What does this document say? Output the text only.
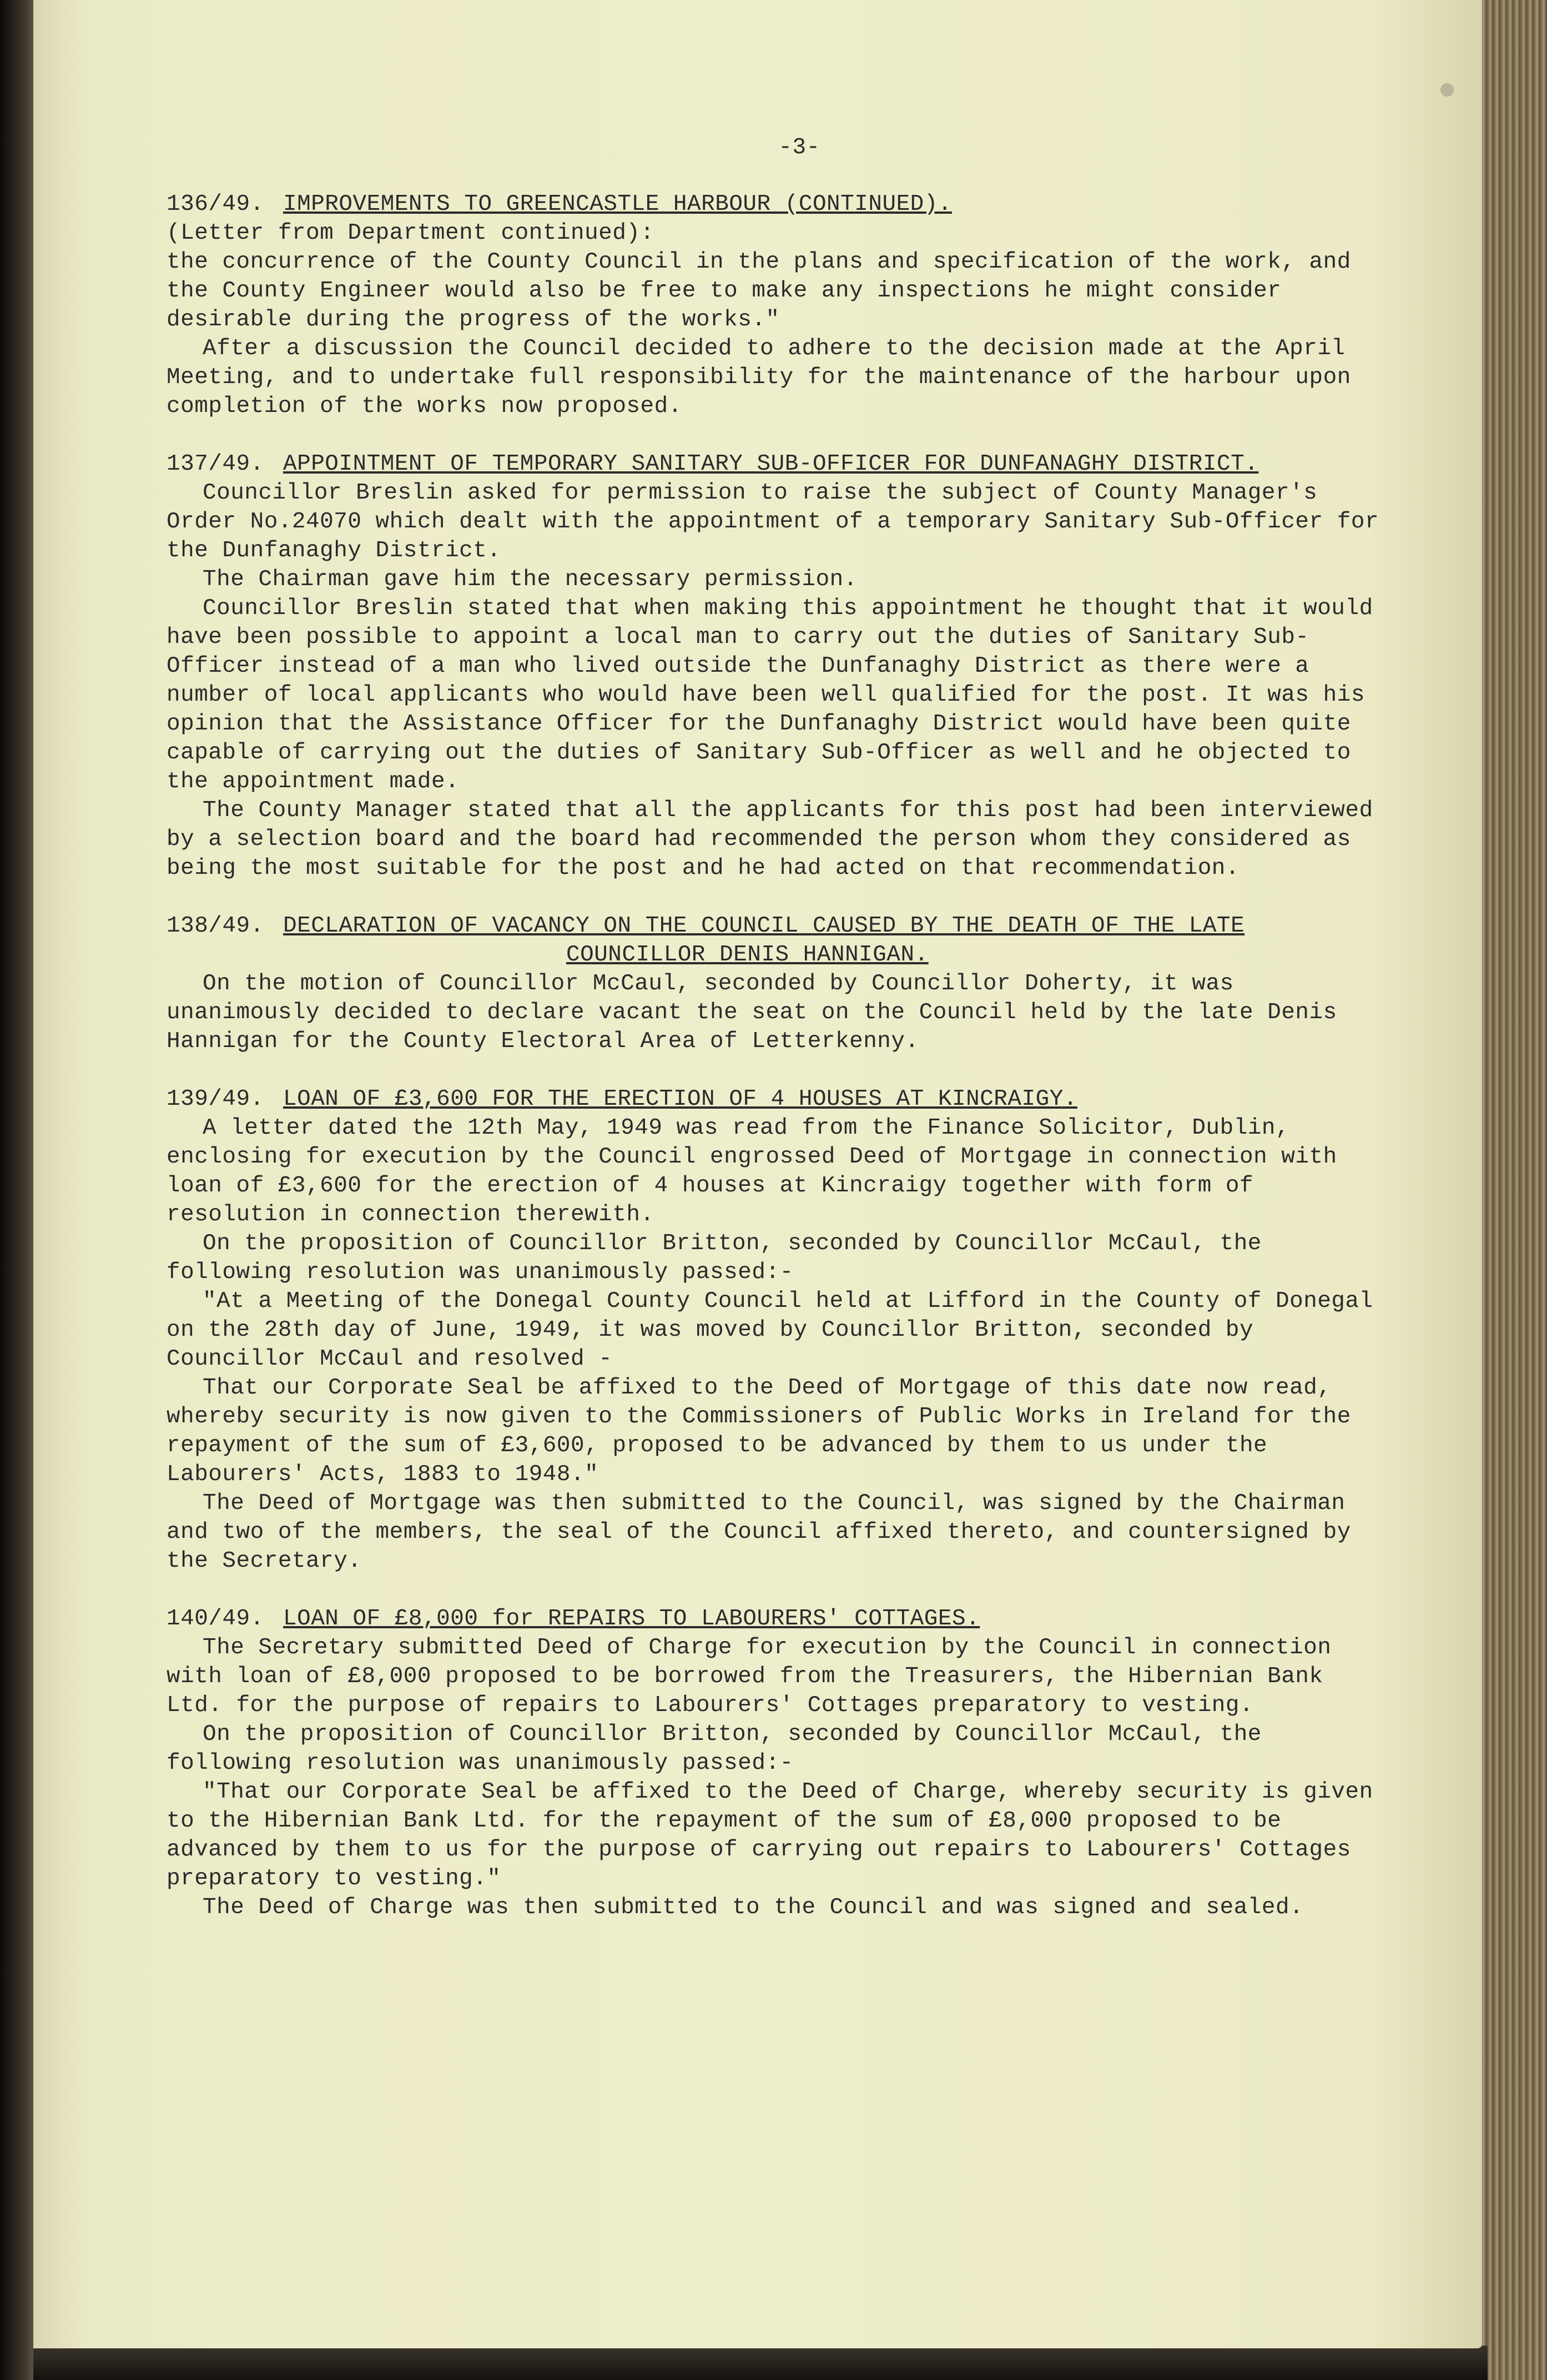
-3-
136/49. IMPROVEMENTS TO GREENCASTLE HARBOUR (CONTINUED).

(Letter from Department continued):

the concurrence of the County Council in the plans and specification of the work, and the County Engineer would also be free to make any inspections he might consider desirable during the progress of the works."

After a discussion the Council decided to adhere to the decision made at the April Meeting, and to undertake full responsibility for the maintenance of the harbour upon completion of the works now proposed.

137/49. APPOINTMENT OF TEMPORARY SANITARY SUB-OFFICER FOR DUNFANAGHY DISTRICT.

Councillor Breslin asked for permission to raise the subject of County Manager's Order No.24070 which dealt with the appointment of a temporary Sanitary Sub-Officer for the Dunfanaghy District.

The Chairman gave him the necessary permission.

Councillor Breslin stated that when making this appointment he thought that it would have been possible to appoint a local man to carry out the duties of Sanitary Sub-Officer instead of a man who lived outside the Dunfanaghy District as there were a number of local applicants who would have been well qualified for the post. It was his opinion that the Assistance Officer for the Dunfanaghy District would have been quite capable of carrying out the duties of Sanitary Sub-Officer as well and he objected to the appointment made.

The County Manager stated that all the applicants for this post had been interviewed by a selection board and the board had recommended the person whom they considered as being the most suitable for the post and he had acted on that recommendation.

138/49. DECLARATION OF VACANCY ON THE COUNCIL CAUSED BY THE DEATH OF THE LATE
COUNCILLOR DENIS HANNIGAN.

On the motion of Councillor McCaul, seconded by Councillor Doherty, it was unanimously decided to declare vacant the seat on the Council held by the late Denis Hannigan for the County Electoral Area of Letterkenny.

139/49. LOAN OF £3,600 FOR THE ERECTION OF 4 HOUSES AT KINCRAIGY.

A letter dated the 12th May, 1949 was read from the Finance Solicitor, Dublin, enclosing for execution by the Council engrossed Deed of Mortgage in connection with loan of £3,600 for the erection of 4 houses at Kincraigy together with form of resolution in connection therewith.

On the proposition of Councillor Britton, seconded by Councillor McCaul, the following resolution was unanimously passed:-

"At a Meeting of the Donegal County Council held at Lifford in the County of Donegal on the 28th day of June, 1949, it was moved by Councillor Britton, seconded by Councillor McCaul and resolved -

That our Corporate Seal be affixed to the Deed of Mortgage of this date now read, whereby security is now given to the Commissioners of Public Works in Ireland for the repayment of the sum of £3,600, proposed to be advanced by them to us under the Labourers' Acts, 1883 to 1948."

The Deed of Mortgage was then submitted to the Council, was signed by the Chairman and two of the members, the seal of the Council affixed thereto, and countersigned by the Secretary.

140/49. LOAN OF £8,000 for REPAIRS TO LABOURERS' COTTAGES.

The Secretary submitted Deed of Charge for execution by the Council in connection with loan of £8,000 proposed to be borrowed from the Treasurers, the Hibernian Bank Ltd. for the purpose of repairs to Labourers' Cottages preparatory to vesting.

On the proposition of Councillor Britton, seconded by Councillor McCaul, the following resolution was unanimously passed:-

"That our Corporate Seal be affixed to the Deed of Charge, whereby security is given to the Hibernian Bank Ltd. for the repayment of the sum of £8,000 proposed to be advanced by them to us for the purpose of carrying out repairs to Labourers' Cottages preparatory to vesting."

The Deed of Charge was then submitted to the Council and was signed and sealed.
